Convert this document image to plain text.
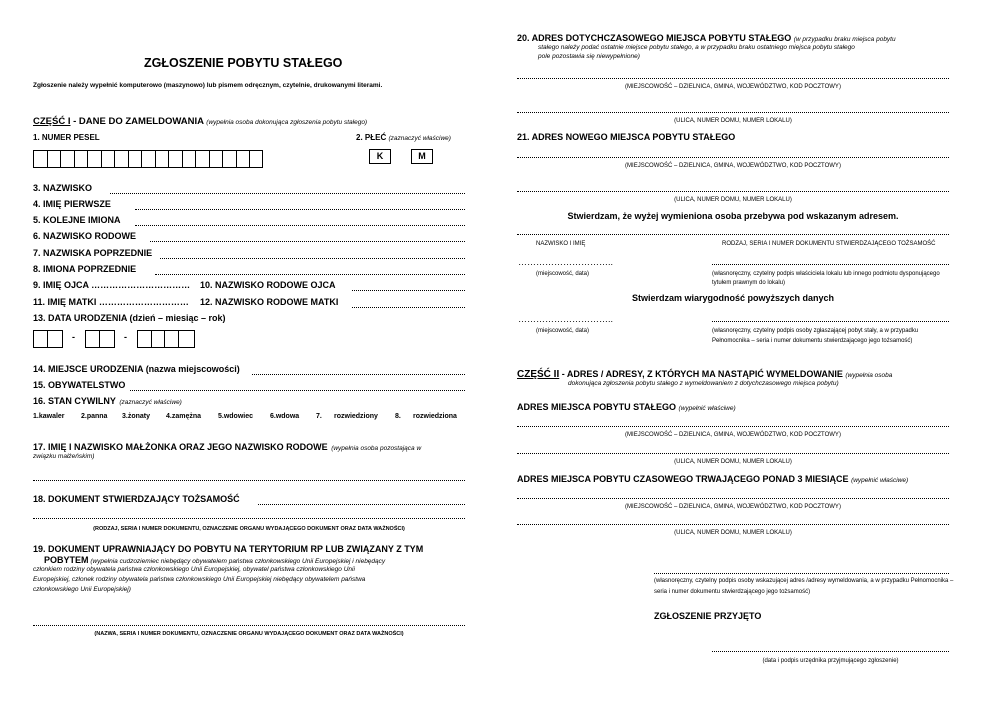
ZGŁOSZENIE POBYTU STAŁEGO
Zgłoszenie należy wypełnić komputerowo (maszynowo) lub pismem odręcznym, czytelnie, drukowanymi literami.
CZĘŚĆ I - DANE DO ZAMELDOWANIA (wypełnia osoba dokonująca zgłoszenia pobytu stałego)
1. NUMER PESEL	2. PŁEĆ (zaznaczyć właściwe)
K	M
3. NAZWISKO
4. IMIĘ PIERWSZE
5. KOLEJNE IMIONA
6. NAZWISKO RODOWE
7. NAZWISKA POPRZEDNIE
8. IMIONA POPRZEDNIE
9. IMIĘ OJCA …………………………… 10. NAZWISKO RODOWE OJCA
11. IMIĘ MATKI ………………………… 12. NAZWISKO RODOWE MATKI
13. DATA URODZENIA (dzień – miesiąc – rok)
-	-
14. MIEJSCE URODZENIA (nazwa miejscowości)
15. OBYWATELSTWO
16. STAN CYWILNY (zaznaczyć właściwe)
1.kawaler 2.panna 3.żonaty 4.zamężna 5.wdowiec 6.wdowa 7. rozwiedziony 8. rozwiedziona
17. IMIĘ I NAZWISKO MAŁŻONKA ORAZ JEGO NAZWISKO RODOWE (wypełnia osoba pozostająca w
związku małżeńskim)
18. DOKUMENT STWIERDZAJĄCY TOŻSAMOŚĆ
(RODZAJ, SERIA I NUMER DOKUMENTU, OZNACZENIE ORGANU WYDAJĄCEGO DOKUMENT ORAZ DATA WAŻNOŚCI)
19. DOKUMENT UPRAWNIAJĄCY DO POBYTU NA TERYTORIUM RP LUB ZWIĄZANY Z TYM
POBYTEM (wypełnia cudzoziemiec niebędący obywatelem państwa członkowskiego Unii Europejskiej i niebędący
członkiem rodziny obywatela państwa członkowskiego Unii Europejskiej, obywatel państwa członkowskiego Unii
Europejskiej, członek rodziny obywatela państwa członkowskiego Unii Europejskiej niebędący obywatelem państwa
członkowskiego Unii Europejskiej)
(NAZWA, SERIA I NUMER DOKUMENTU, OZNACZENIE ORGANU WYDAJĄCEGO DOKUMENT ORAZ DATA WAŻNOŚCI)
20. ADRES DOTYCHCZASOWEGO MIEJSCA POBYTU STAŁEGO (w przypadku braku miejsca pobytu
stałego należy podać ostatnie miejsce pobytu stałego, a w przypadku braku ostatniego miejsca pobytu stałego
pole pozostawia się niewypełnione)
(MIEJSCOWOŚĆ – DZIELNICA, GMINA, WOJEWÓDZTWO, KOD POCZTOWY)
(ULICA, NUMER DOMU, NUMER LOKALU)
21. ADRES NOWEGO MIEJSCA POBYTU STAŁEGO
(MIEJSCOWOŚĆ – DZIELNICA, GMINA, WOJEWÓDZTWO, KOD POCZTOWY)
(ULICA, NUMER DOMU, NUMER LOKALU)
Stwierdzam, że wyżej wymieniona osoba przebywa pod wskazanym adresem.
NAZWISKO I IMIĘ	RODZAJ, SERIA I NUMER DOKUMENTU STWIERDZAJĄCEGO TOŻSAMOŚĆ
…………………………..
(miejscowość, data)	(własnoręczny, czytelny podpis właściciela lokalu lub innego podmiotu dysponującego
tytułem prawnym do lokalu)
Stwierdzam wiarygodność powyższych danych
…………………………..
(miejscowość, data)	(własnoręczny, czytelny podpis osoby zgłaszającej pobyt stały, a w przypadku
Pełnomocnika – seria i numer dokumentu stwierdzającego jego tożsamość)
CZĘŚĆ II - ADRES / ADRESY, Z KTÓRYCH MA NASTĄPIĆ WYMELDOWANIE (wypełnia osoba
dokonująca zgłoszenia pobytu stałego z wymeldowaniem z dotychczasowego miejsca pobytu)
ADRES MIEJSCA POBYTU STAŁEGO (wypełnić właściwe)
(MIEJSCOWOŚĆ – DZIELNICA, GMINA, WOJEWÓDZTWO, KOD POCZTOWY)
(ULICA, NUMER DOMU, NUMER LOKALU)
ADRES MIEJSCA POBYTU CZASOWEGO TRWAJĄCEGO PONAD 3 MIESIĄCE (wypełnić właściwe)
(MIEJSCOWOŚĆ – DZIELNICA, GMINA, WOJEWÓDZTWO, KOD POCZTOWY)
(ULICA, NUMER DOMU, NUMER LOKALU)
(własnoręczny, czytelny podpis osoby wskazującej adres /adresy wymeldowania, a w przypadku Pełnomocnika –
seria i numer dokumentu stwierdzającego jego tożsamość)
ZGŁOSZENIE PRZYJĘTO
(data i podpis urzędnika przyjmującego zgłoszenie)
